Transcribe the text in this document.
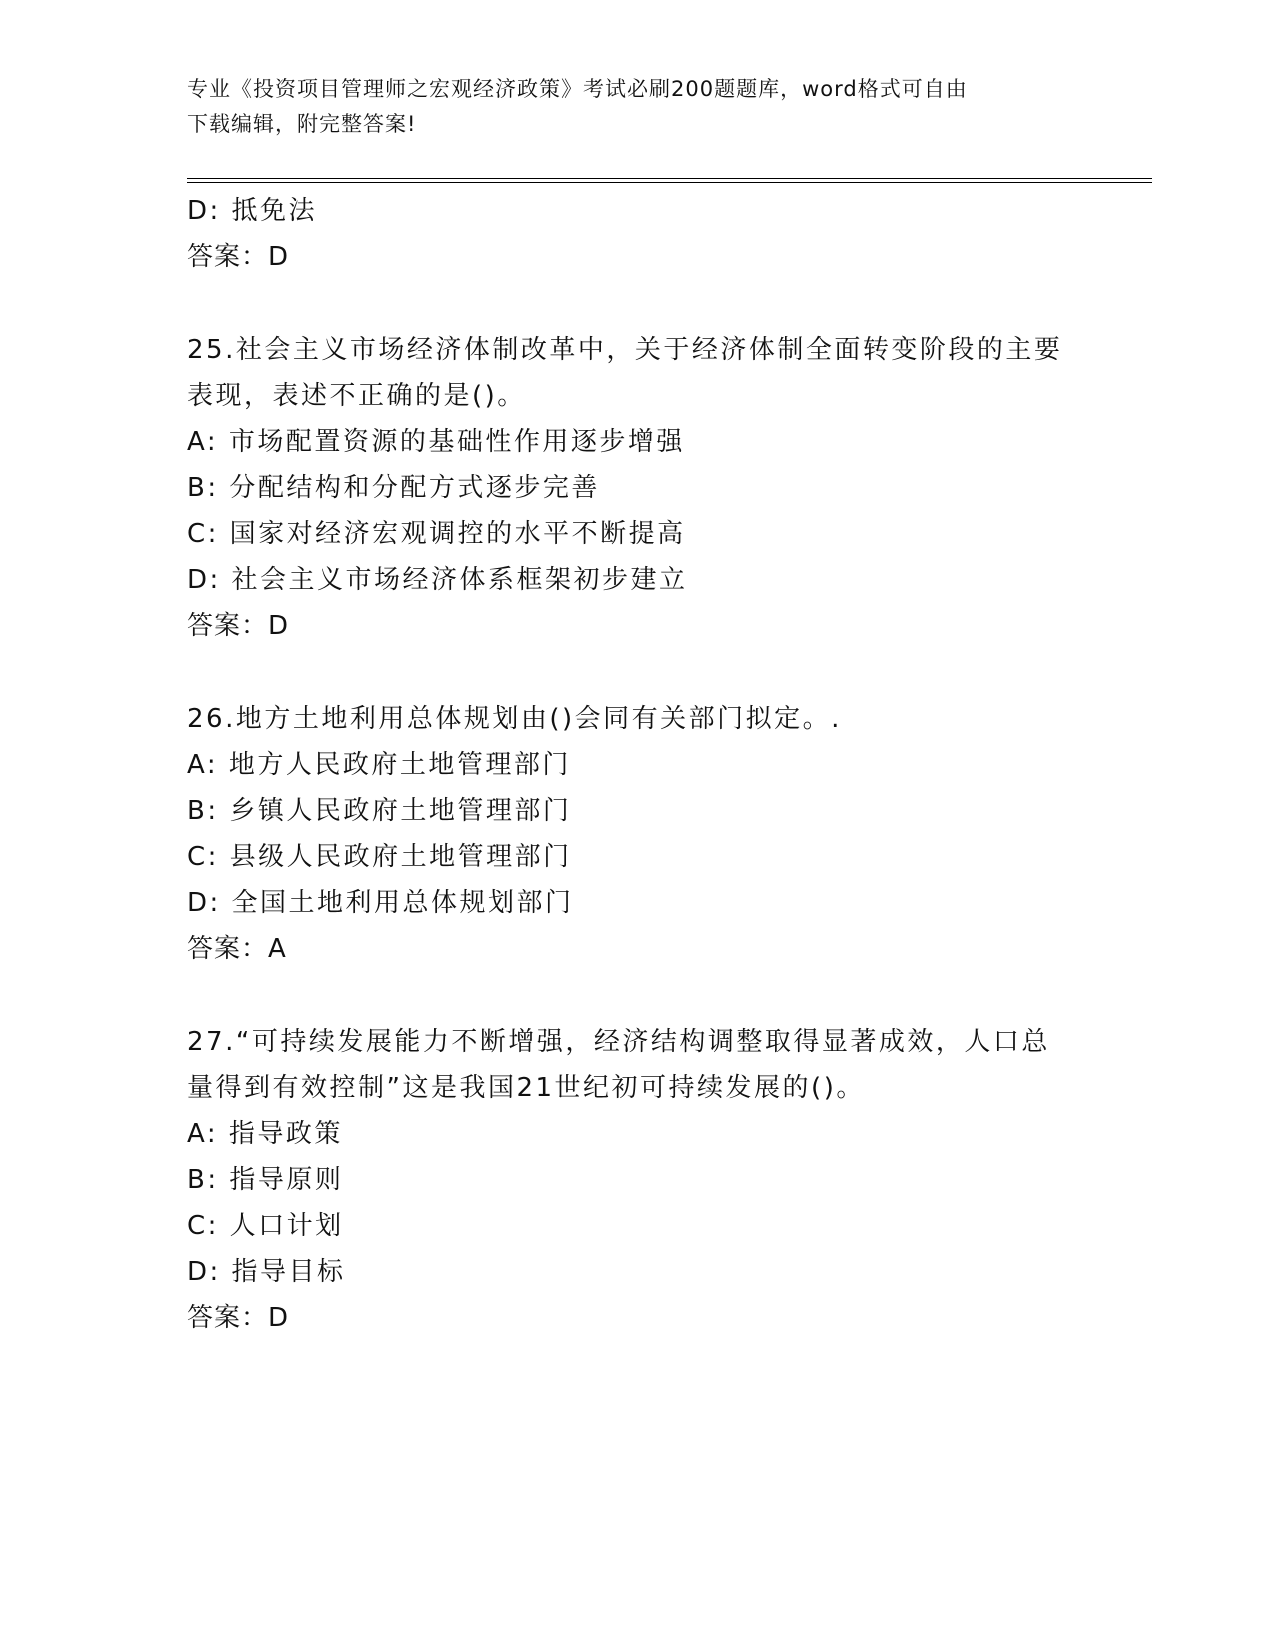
专业《投资项目管理师之宏观经济政策》考试必刷200题题库，word格式可自由
下载编辑，附完整答案!
D: 抵免法
答案：D
25.社会主义市场经济体制改革中，关于经济体制全面转变阶段的主要
表现，表述不正确的是()。
A: 市场配置资源的基础性作用逐步增强
B: 分配结构和分配方式逐步完善
C: 国家对经济宏观调控的水平不断提高
D: 社会主义市场经济体系框架初步建立
答案：D
26.地方土地利用总体规划由()会同有关部门拟定。.
A: 地方人民政府土地管理部门
B: 乡镇人民政府土地管理部门
C: 县级人民政府土地管理部门
D: 全国土地利用总体规划部门
答案：A
27.“可持续发展能力不断增强，经济结构调整取得显著成效，人口总
量得到有效控制”这是我国21世纪初可持续发展的()。
A: 指导政策
B: 指导原则
C: 人口计划
D: 指导目标
答案：D
